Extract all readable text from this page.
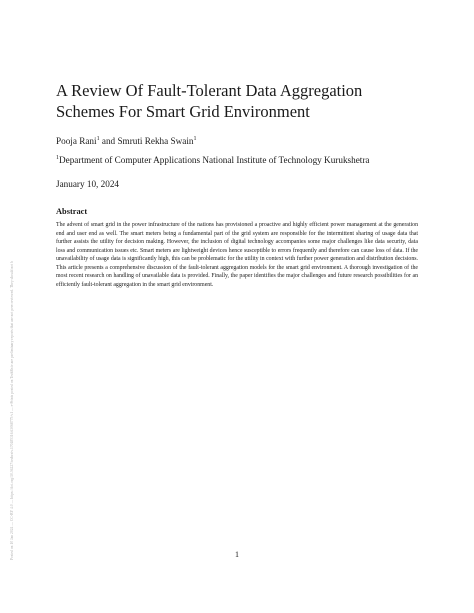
Posted on 10 Jan 2024 — CC-BY 4.0 — https://doi.org/10.36227/techrxiv.170485316.63068775/v1 — e-Prints posted on TechRxiv are preliminary reports that are not peer reviewed. They should not b
A Review Of Fault-Tolerant Data Aggregation Schemes For Smart Grid Environment
Pooja Rani$^1$ and Smruti Rekha Swain$^1$
$^1$Department of Computer Applications National Institute of Technology Kurukshetra
January 10, 2024
Abstract
The advent of smart grid in the power infrastructure of the nations has provisioned a proactive and highly efficient power management at the generation end and user end as well. The smart meters being a fundamental part of the grid system are responsible for the intermittent sharing of usage data that further assists the utility for decision making. However, the inclusion of digital technology accompanies some major challenges like data security, data loss and communication issues etc. Smart meters are lightweight devices hence susceptible to errors frequently and therefore can cause loss of data. If the unavailability of usage data is significantly high, this can be problematic for the utility in context with further power generation and distribution decisions. This article presents a comprehensive discussion of the fault-tolerant aggregation models for the smart grid environment. A thorough investigation of the most recent research on handling of unavailable data is provided. Finally, the paper identifies the major challenges and future research possibilities for an efficiently fault-tolerant aggregation in the smart grid environment.
1
